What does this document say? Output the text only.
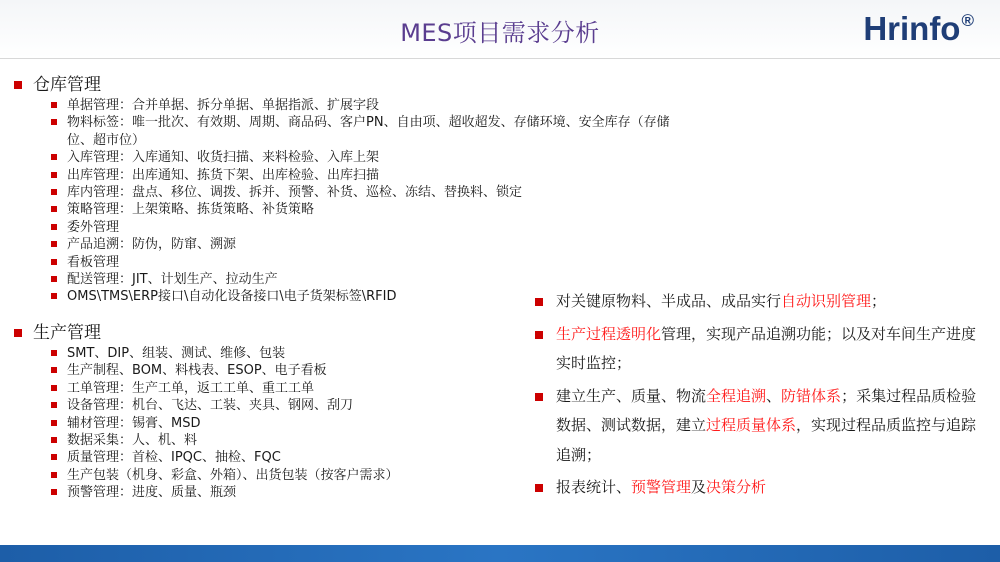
MES项目需求分析	Hrinfo®
仓库管理
单据管理：合并单据、拆分单据、单据指派、扩展字段
物料标签：唯一批次、有效期、周期、商品码、客户PN、自由项、超收超发、存储环境、安全库存（存储位、超市位）
入库管理：入库通知、收货扫描、来料检验、入库上架
出库管理：出库通知、拣货下架、出库检验、出库扫描
库内管理：盘点、移位、调拨、拆并、预警、补货、巡检、冻结、替换料、锁定
策略管理：上架策略、拣货策略、补货策略
委外管理
产品追溯：防伪，防窜、溯源
看板管理
配送管理：JIT、计划生产、拉动生产
OMS\TMS\ERP接口\自动化设备接口\电子货架标签\RFID
生产管理
SMT、DIP、组装、测试、维修、包装
生产制程、BOM、料栈表、ESOP、电子看板
工单管理：生产工单，返工工单、重工工单
设备管理：机台、飞达、工装、夹具、钢网、刮刀
辅材管理：锡膏、MSD
数据采集：人、机、料
质量管理：首检、IPQC、抽检、FQC
生产包装（机身、彩盒、外箱）、出货包装（按客户需求）
预警管理：进度、质量、瓶颈
对关键原物料、半成品、成品实行自动识别管理；
生产过程透明化管理，实现产品追溯功能；以及对车间生产进度实时监控；
建立生产、质量、物流全程追溯、防错体系；采集过程品质检验数据、测试数据，建立过程质量体系，实现过程品质监控与追踪追溯；
报表统计、预警管理及决策分析
